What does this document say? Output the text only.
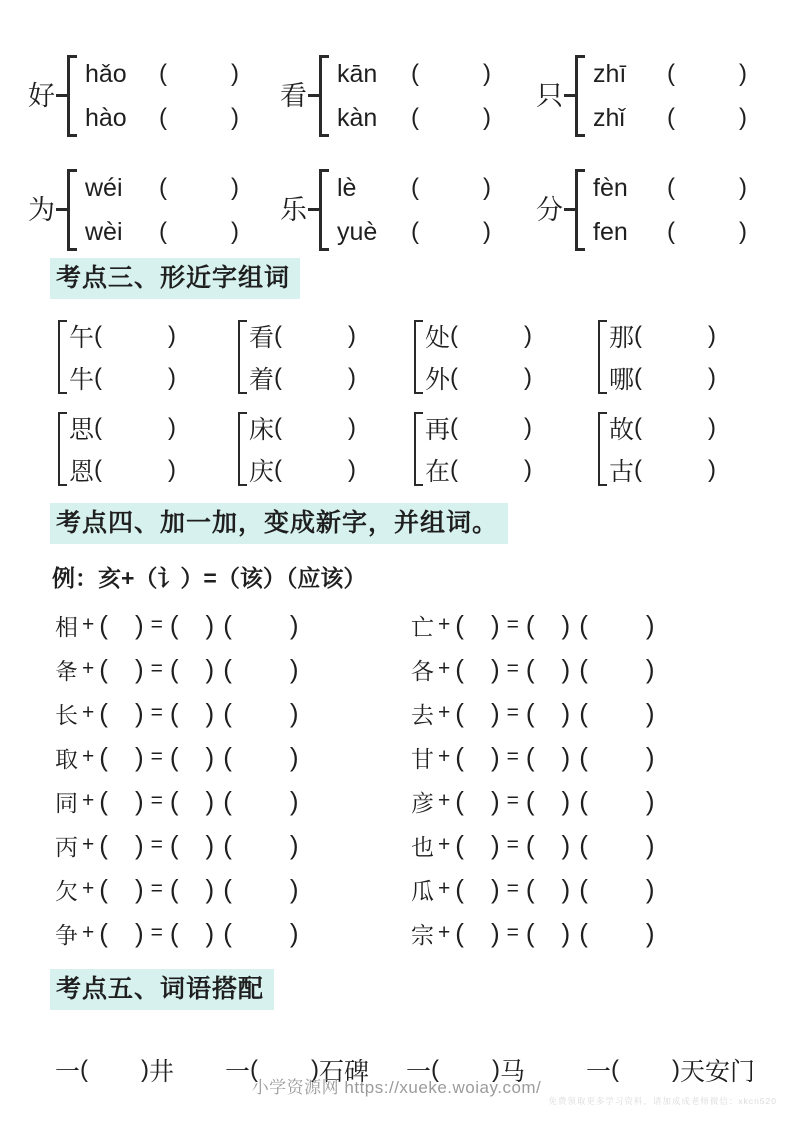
好
hǎo	(	)
hào	(	)
看
kān	(	)
kàn	(	)
只
zhī	(	)
zhǐ	(	)
为
wéi	(	)
wèi	(	)
乐
lè	(	)
yuè	(	)
分
fèn	(	)
fen	(	)
考点三、形近字组词
午 (	)
牛 (	)
看 (	)
着 (	)
处 (	)
外 (	)
那 (	)
哪 (	)
思 (	)
恩 (	)
床 (	)
庆 (	)
再 (	)
在 (	)
故 (	)
古 (	)
考点四、加一加，变成新字，并组词。

例：亥+（讠）=（该）（应该）

相 + ( ) = ( ) ( )	亡 + ( ) = ( ) ( )
夅 + ( ) = ( ) ( )	各 + ( ) = ( ) ( )
长 + ( ) = ( ) ( )	去 + ( ) = ( ) ( )
取 + ( ) = ( ) ( )	甘 + ( ) = ( ) ( )
同 + ( ) = ( ) ( )	彦 + ( ) = ( ) ( )
丙 + ( ) = ( ) ( )	也 + ( ) = ( ) ( )
欠 + ( ) = ( ) ( )	瓜 + ( ) = ( ) ( )
争 + ( ) = ( ) ( )	宗 + ( ) = ( ) ( )
考点五、词语搭配
一 ( ) 井 一 ( ) 石碑 一 ( ) 马 一 ( ) 天安门
小学资源网 https://xueke.woiay.com/
免费领取更多学习资料，请加成成老师微信：xkcn520
